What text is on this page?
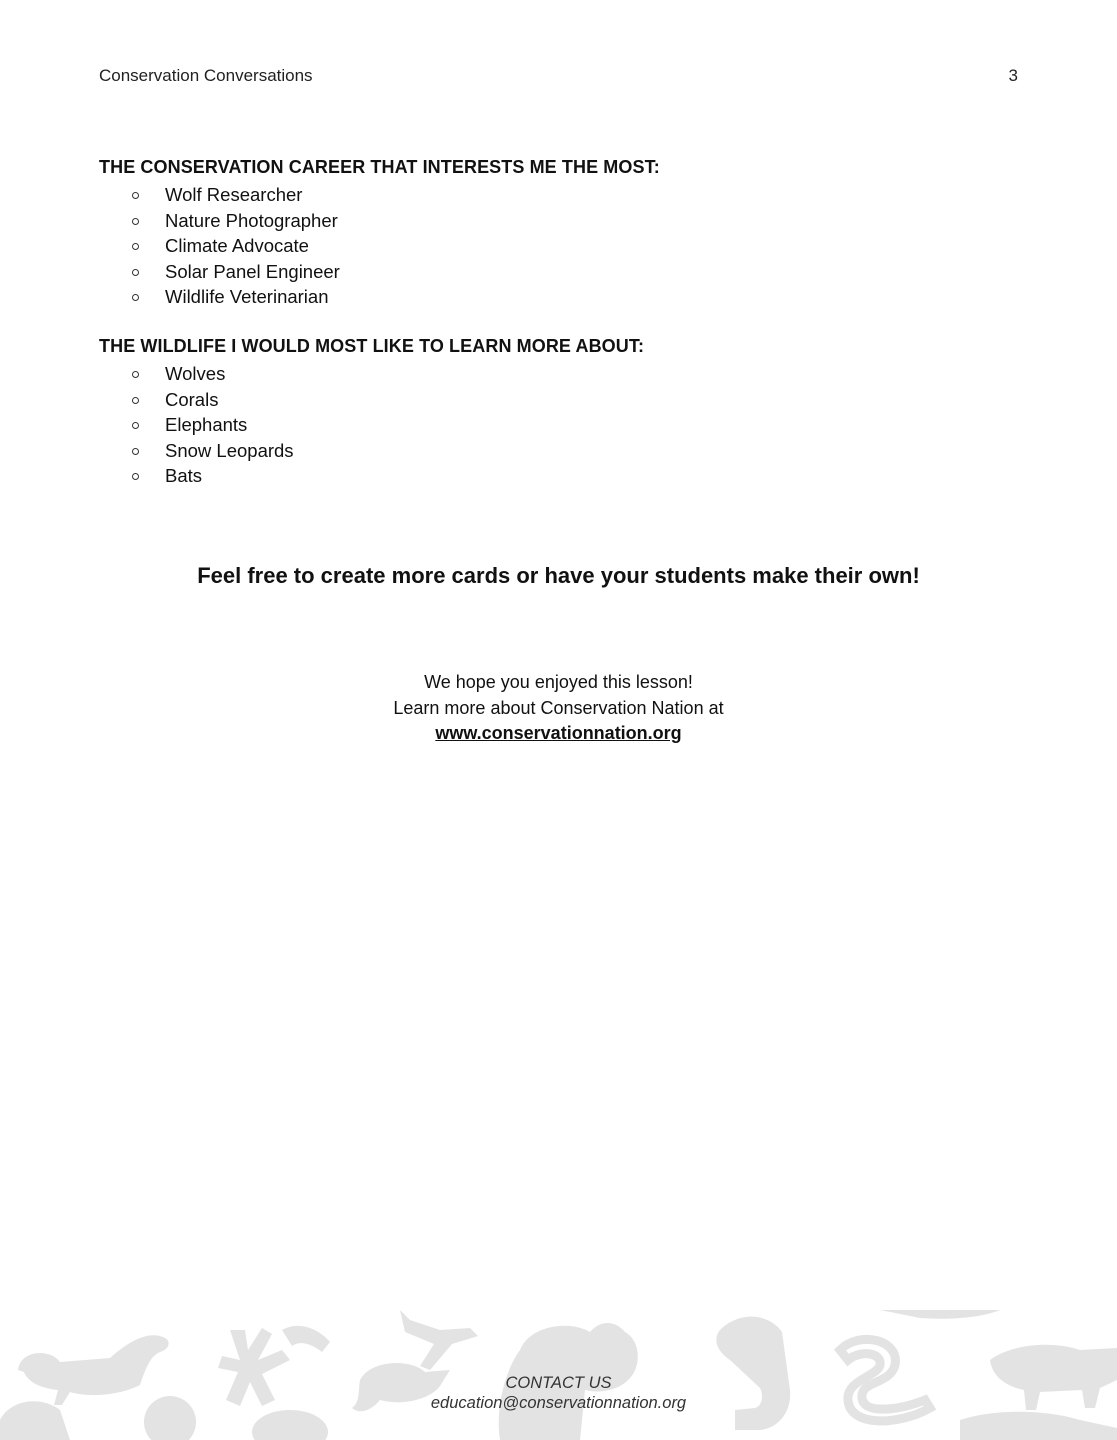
Conservation Conversations	3
THE CONSERVATION CAREER THAT INTERESTS ME THE MOST:
Wolf Researcher
Nature Photographer
Climate Advocate
Solar Panel Engineer
Wildlife Veterinarian
THE WILDLIFE I WOULD MOST LIKE TO LEARN MORE ABOUT:
Wolves
Corals
Elephants
Snow Leopards
Bats
Feel free to create more cards or have your students make their own!
We hope you enjoyed this lesson!
Learn more about Conservation Nation at
www.conservationnation.org
CONTACT US
education@conservationnation.org
